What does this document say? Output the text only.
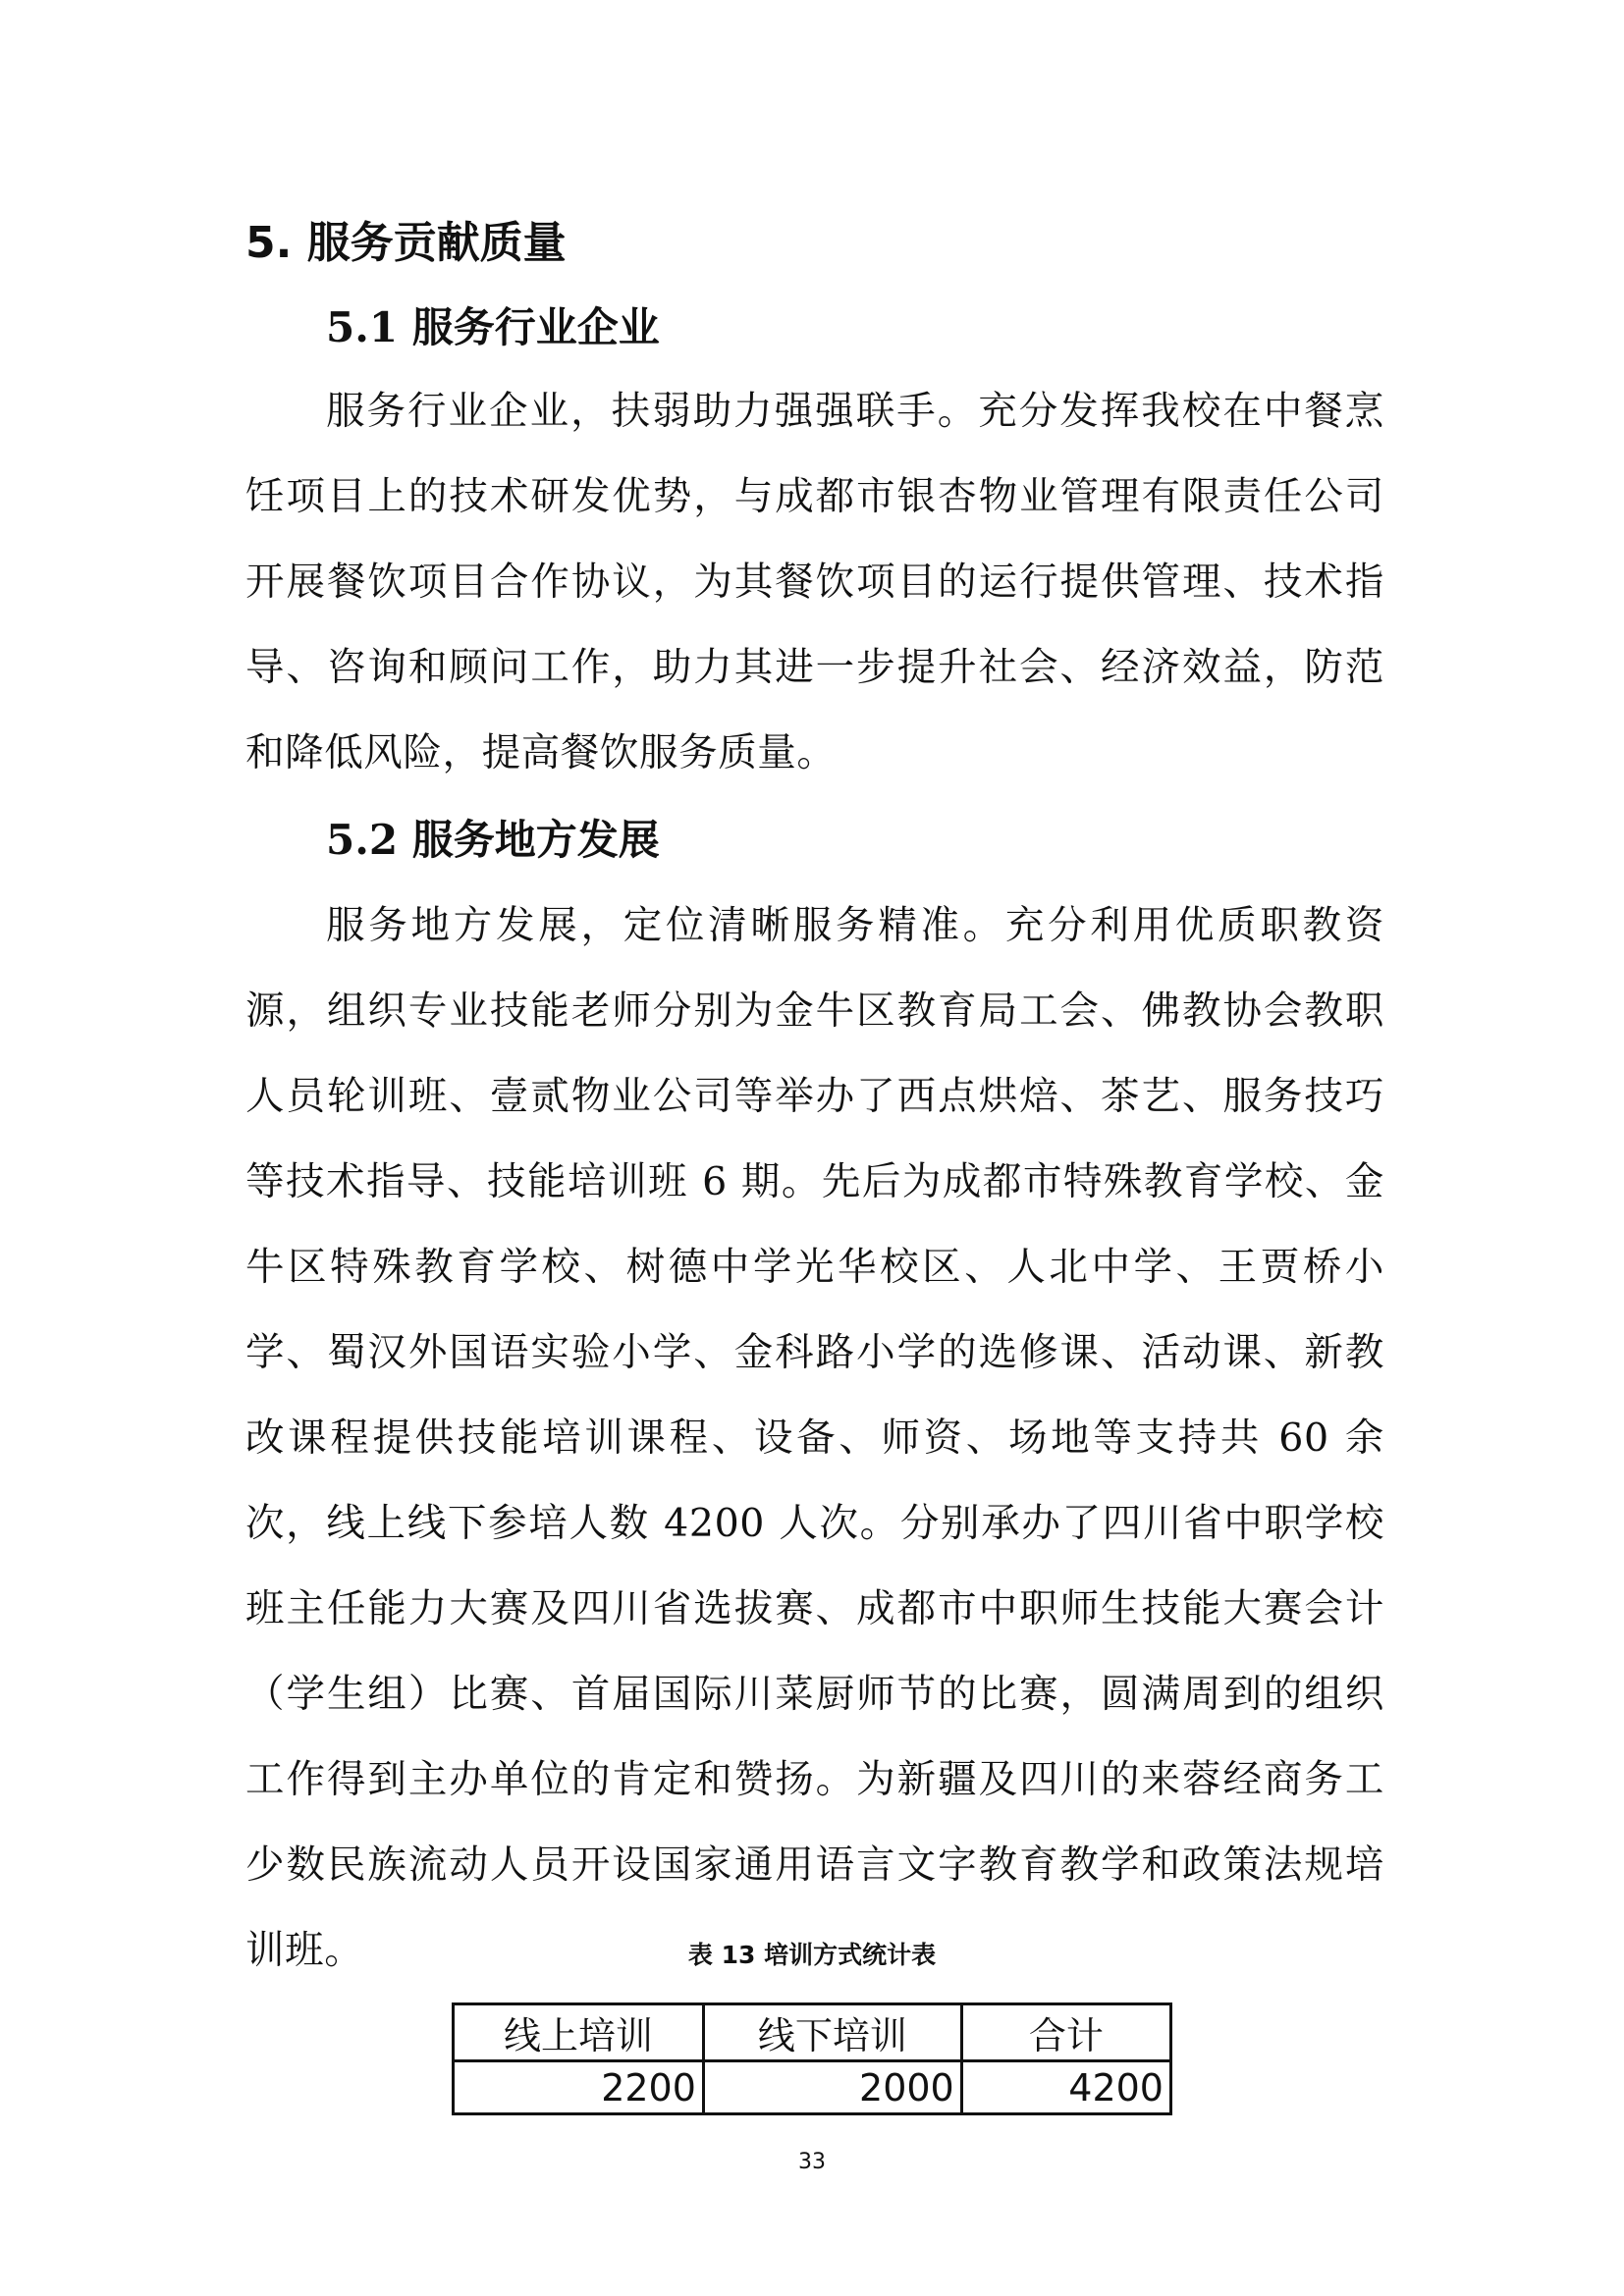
5. 服务贡献质量
5.1 服务行业企业

服务行业企业，扶弱助力强强联手。充分发挥我校在中餐烹饪项目上的技术研发优势，与成都市银杏物业管理有限责任公司开展餐饮项目合作协议，为其餐饮项目的运行提供管理、技术指导、咨询和顾问工作，助力其进一步提升社会、经济效益，防范和降低风险，提高餐饮服务质量。

5.2 服务地方发展

服务地方发展，定位清晰服务精准。充分利用优质职教资源，组织专业技能老师分别为金牛区教育局工会、佛教协会教职人员轮训班、壹贰物业公司等举办了西点烘焙、茶艺、服务技巧等技术指导、技能培训班 6 期。先后为成都市特殊教育学校、金牛区特殊教育学校、树德中学光华校区、人北中学、王贾桥小学、蜀汉外国语实验小学、金科路小学的选修课、活动课、新教改课程提供技能培训课程、设备、师资、场地等支持共 60 余次，线上线下参培人数 4200 人次。分别承办了四川省中职学校班主任能力大赛及四川省选拔赛、成都市中职师生技能大赛会计（学生组）比赛、首届国际川菜厨师节的比赛，圆满周到的组织工作得到主办单位的肯定和赞扬。为新疆及四川的来蓉经商务工少数民族流动人员开设国家通用语言文字教育教学和政策法规培训班。	表 13 培训方式统计表
线上培训	线下培训	合计
2200	2000	4200
33
